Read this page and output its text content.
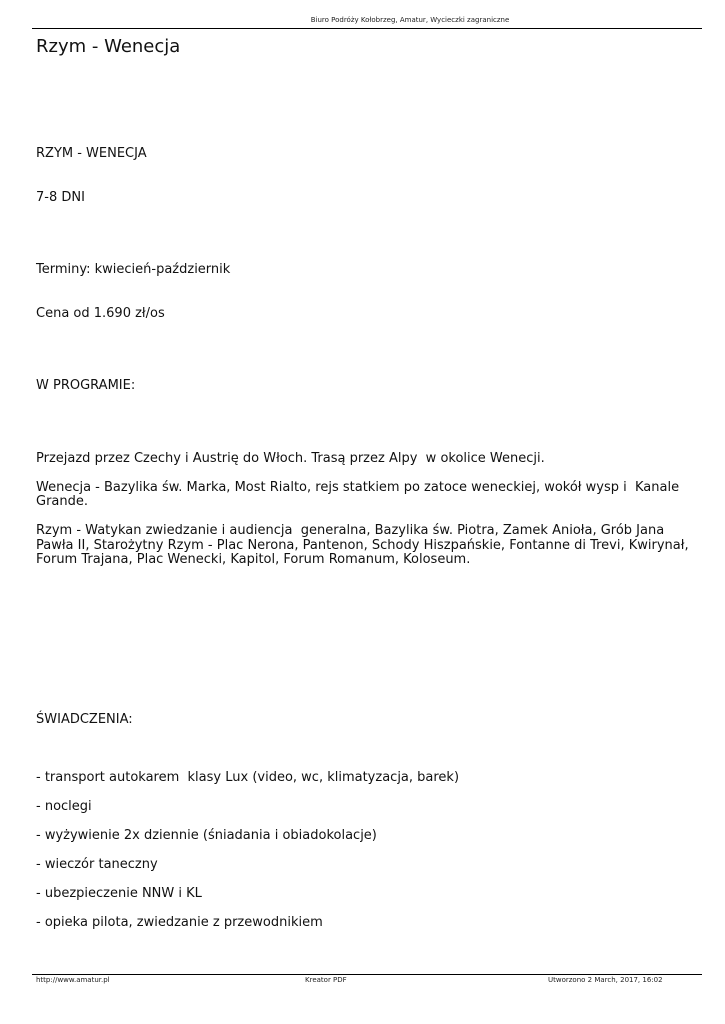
Biuro Podróży Kołobrzeg, Amatur, Wycieczki zagraniczne
Rzym - Wenecja
RZYM - WENECJA
7-8 DNI
Terminy: kwiecień-październik
Cena od 1.690 zł/os
W PROGRAMIE:
Przejazd przez Czechy i Austrię do Włoch. Trasą przez Alpy  w okolice Wenecji.
Wenecja - Bazylika św. Marka, Most Rialto, rejs statkiem po zatoce weneckiej, wokół wysp i  Kanale Grande.
Rzym - Watykan zwiedzanie i audiencja  generalna, Bazylika św. Piotra, Zamek Anioła, Grób Jana Pawła II, Starożytny Rzym - Plac Nerona, Pantenon, Schody Hiszpańskie, Fontanne di Trevi, Kwirynał, Forum Trajana, Plac Wenecki, Kapitol, Forum Romanum, Koloseum.
ŚWIADCZENIA:
- transport autokarem  klasy Lux (video, wc, klimatyzacja, barek)
- noclegi
- wyżywienie 2x dziennie (śniadania i obiadokolacje)
- wieczór taneczny
- ubezpieczenie NNW i KL
- opieka pilota, zwiedzanie z przewodnikiem
http://www.amatur.pl	Kreator PDF	Utworzono 2 March, 2017, 16:02
